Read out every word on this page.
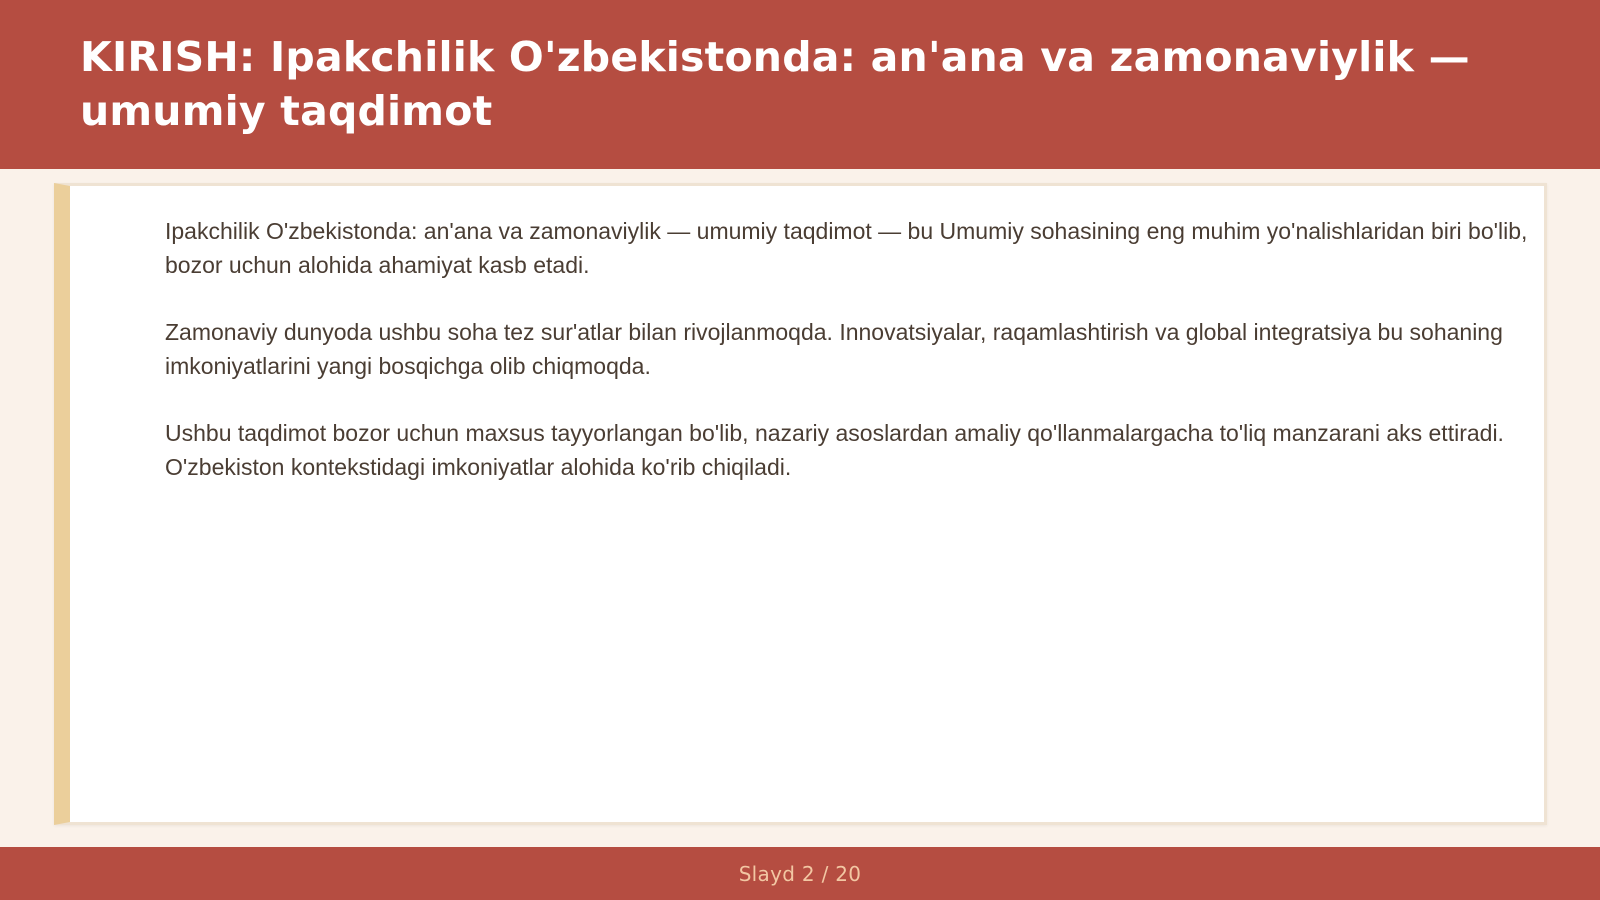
KIRISH: Ipakchilik O'zbekistonda: an'ana va zamonaviylik — umumiy taqdimot

Ipakchilik O'zbekistonda: an'ana va zamonaviylik — umumiy taqdimot — bu Umumiy sohasining eng muhim yo'nalishlaridan biri bo'lib, bozor uchun alohida ahamiyat kasb etadi.

Zamonaviy dunyoda ushbu soha tez sur'atlar bilan rivojlanmoqda. Innovatsiyalar, raqamlashtirish va global integratsiya bu sohaning imkoniyatlarini yangi bosqichga olib chiqmoqda.

Ushbu taqdimot bozor uchun maxsus tayyorlangan bo'lib, nazariy asoslardan amaliy qo'llanmalargacha to'liq manzarani aks ettiradi. O'zbekiston kontekstidagi imkoniyatlar alohida ko'rib chiqiladi.

Slayd 2 / 20
